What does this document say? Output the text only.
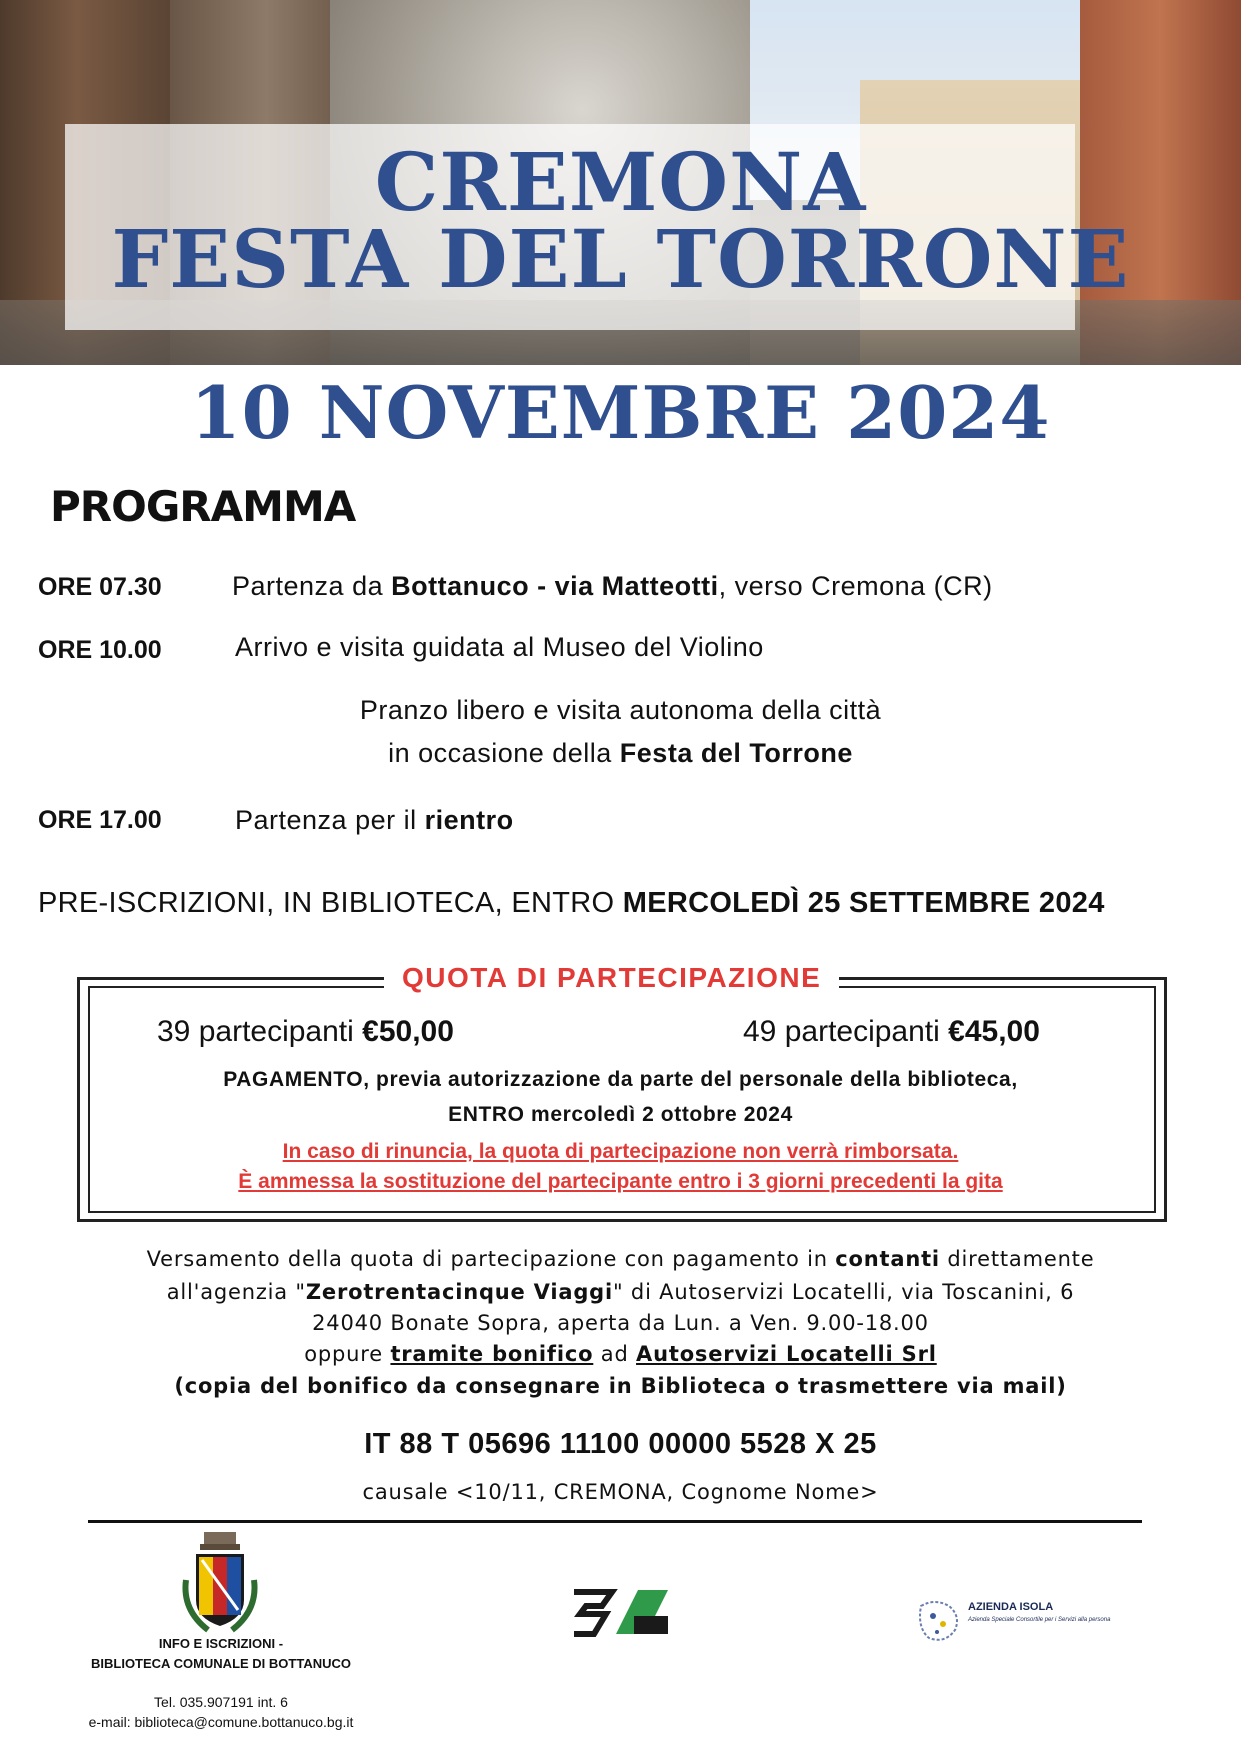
CREMONA
FESTA DEL TORRONE
10 NOVEMBRE 2024
PROGRAMMA
ORE 07.30	Partenza da Bottanuco - via Matteotti, verso Cremona (CR)
ORE 10.00	Arrivo e visita guidata al Museo del Violino
Pranzo libero e visita autonoma della città
in occasione della Festa del Torrone
ORE 17.00	Partenza per il rientro
PRE-ISCRIZIONI, IN BIBLIOTECA, ENTRO MERCOLEDÌ 25 SETTEMBRE 2024
QUOTA DI PARTECIPAZIONE
39 partecipanti €50,00	49 partecipanti €45,00
PAGAMENTO, previa autorizzazione da parte del personale della biblioteca,
ENTRO mercoledì 2 ottobre 2024
In caso di rinuncia, la quota di partecipazione non verrà rimborsata.
È ammessa la sostituzione del partecipante entro i 3 giorni precedenti la gita
Versamento della quota di partecipazione con pagamento in contanti direttamente
all'agenzia "Zerotrentacinque Viaggi" di Autoservizi Locatelli, via Toscanini, 6
24040 Bonate Sopra, aperta da Lun. a Ven. 9.00-18.00
oppure tramite bonifico ad Autoservizi Locatelli Srl
(copia del bonifico da consegnare in Biblioteca o trasmettere via mail)
IT 88 T 05696 11100 00000 5528 X 25
causale <10/11, CREMONA, Cognome Nome>
INFO E ISCRIZIONI -
BIBLIOTECA COMUNALE DI BOTTANUCO
Tel. 035.907191 int. 6
e-mail: biblioteca@comune.bottanuco.bg.it
AZIENDA ISOLA
Azienda Speciale Consortile per i Servizi alla persona
